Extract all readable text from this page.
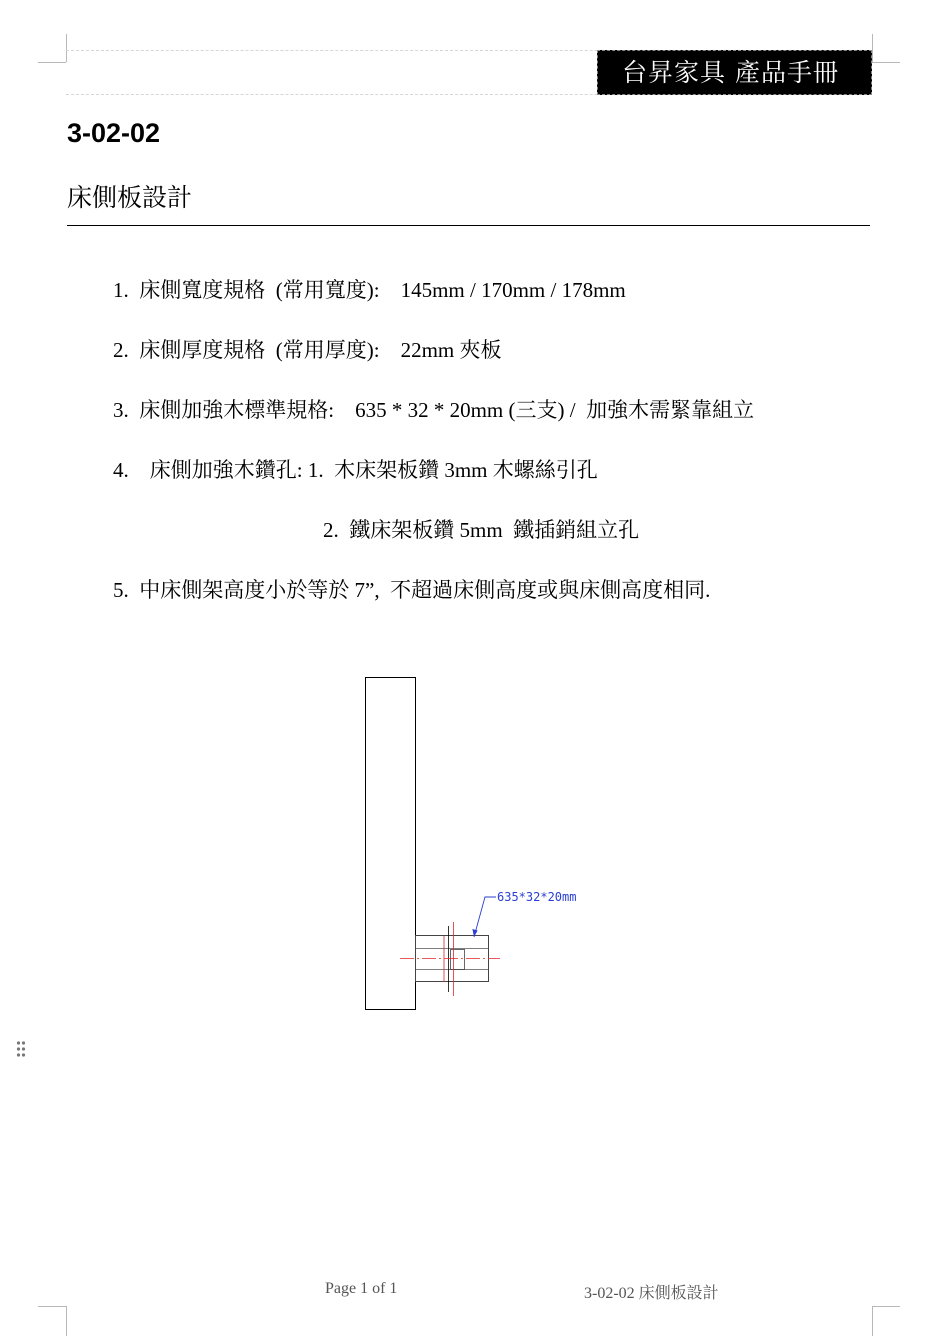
台昇家具 產品手冊
3-02-02
床側板設計
1.  床側寬度規格  (常用寬度):    145mm / 170mm / 178mm
2.  床側厚度規格  (常用厚度):    22mm 夾板
3.  床側加強木標準規格:    635 * 32 * 20mm (三支) /  加強木需緊靠組立
4.    床側加強木鑽孔: 1.  木床架板鑽 3mm 木螺絲引孔
2.  鐵床架板鑽 5mm  鐵插銷組立孔
5.  中床側架高度小於等於 7”,  不超過床側高度或與床側高度相同.
635*32*20mm
Page 1 of 1	3-02-02 床側板設計
